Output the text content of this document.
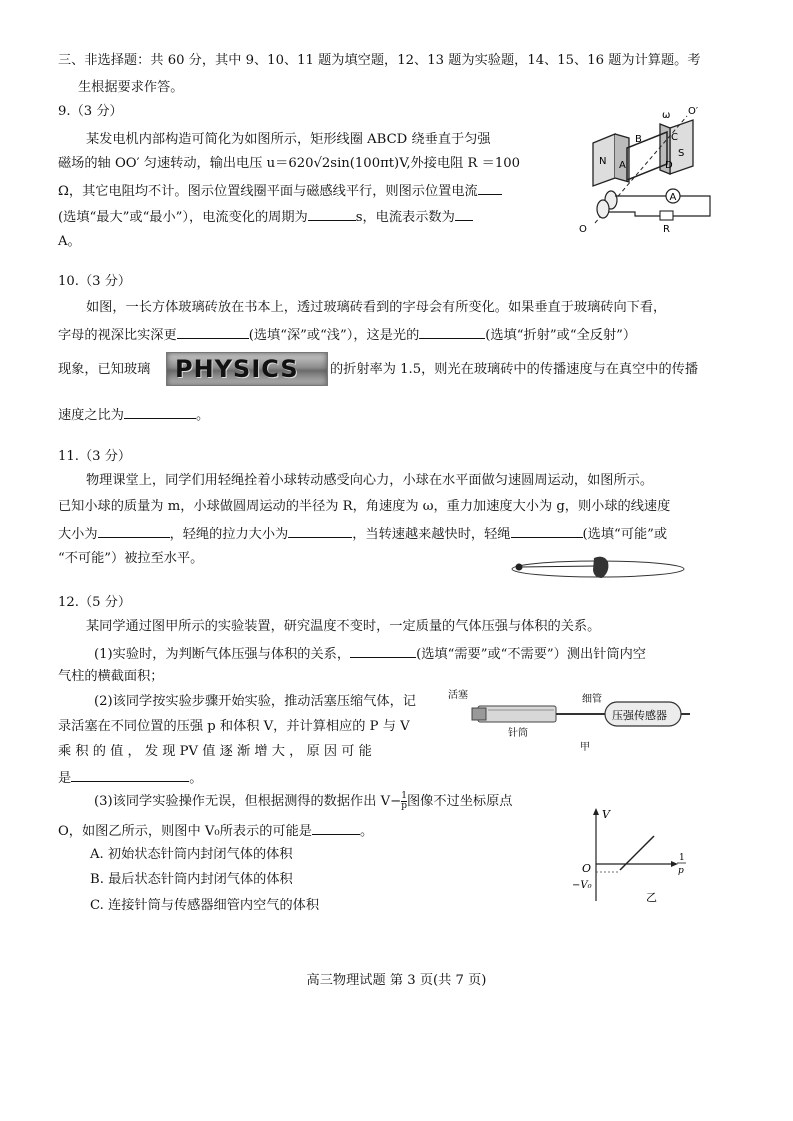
三、非选择题：共 60 分，其中 9、10、11 题为填空题，12、13 题为实验题，14、15、16 题为计算题。考
生根据要求作答。
9.（3 分）
某发电机内部构造可简化为如图所示，矩形线圈 ABCD 绕垂直于匀强
磁场的轴 OO′ 匀速转动，输出电压 u＝620√2sin(100πt)V,外接电阻 R ＝100
Ω，其它电阻均不计。图示位置线圈平面与磁感线平行，则图示位置电流
(选填“最大”或“最小”），电流变化的周期为	s，电流表示数为
A。
A
O′
ω
B	C
N A	D
S
O	R
10.（3 分）
如图，一长方体玻璃砖放在书本上，透过玻璃砖看到的字母会有所变化。如果垂直于玻璃砖向下看，
字母的视深比实深更	(选填“深”或“浅”），这是光的	(选填“折射”或“全反射”）
现象，已知玻璃 PHYSICS 的折射率为 1.5，则光在玻璃砖中的传播速度与在真空中的传播
速度之比为	。
11.（3 分）
物理课堂上，同学们用轻绳拴着小球转动感受向心力，小球在水平面做匀速圆周运动，如图所示。
已知小球的质量为 m，小球做圆周运动的半径为 R，角速度为 ω，重力加速度大小为 g，则小球的线速度
大小为	，轻绳的拉力大小为	，当转速越来越快时，轻绳	(选填“可能”或
“不可能”）被拉至水平。
12.（5 分）
某同学通过图甲所示的实验装置，研究温度不变时，一定质量的气体压强与体积的关系。
(1)实验时，为判断气体压强与体积的关系，	(选填“需要”或“不需要”）测出针筒内空
气柱的横截面积；
(2)该同学按实验步骤开始实验，推动活塞压缩气体，记
录活塞在不同位置的压强 p 和体积 V，并计算相应的 P 与 V
乘 积 的 值 ， 发 现 PV 值 逐 渐 增 大 ， 原 因 可 能
是	。
活塞	细管
针筒
压强传感器
甲
(3)该同学实验操作无误，但根据测得的数据作出 $V- \frac{1}{p}$ 图像不过坐标原点
O，如图乙所示，则图中 V₀所表示的可能是	。
A. 初始状态针筒内封闭气体的体积
B. 最后状态针筒内封闭气体的体积
C. 连接针筒与传感器细管内空气的体积
V
O
−V₀
1
p
乙
高三物理试题 第 3 页(共 7 页)
